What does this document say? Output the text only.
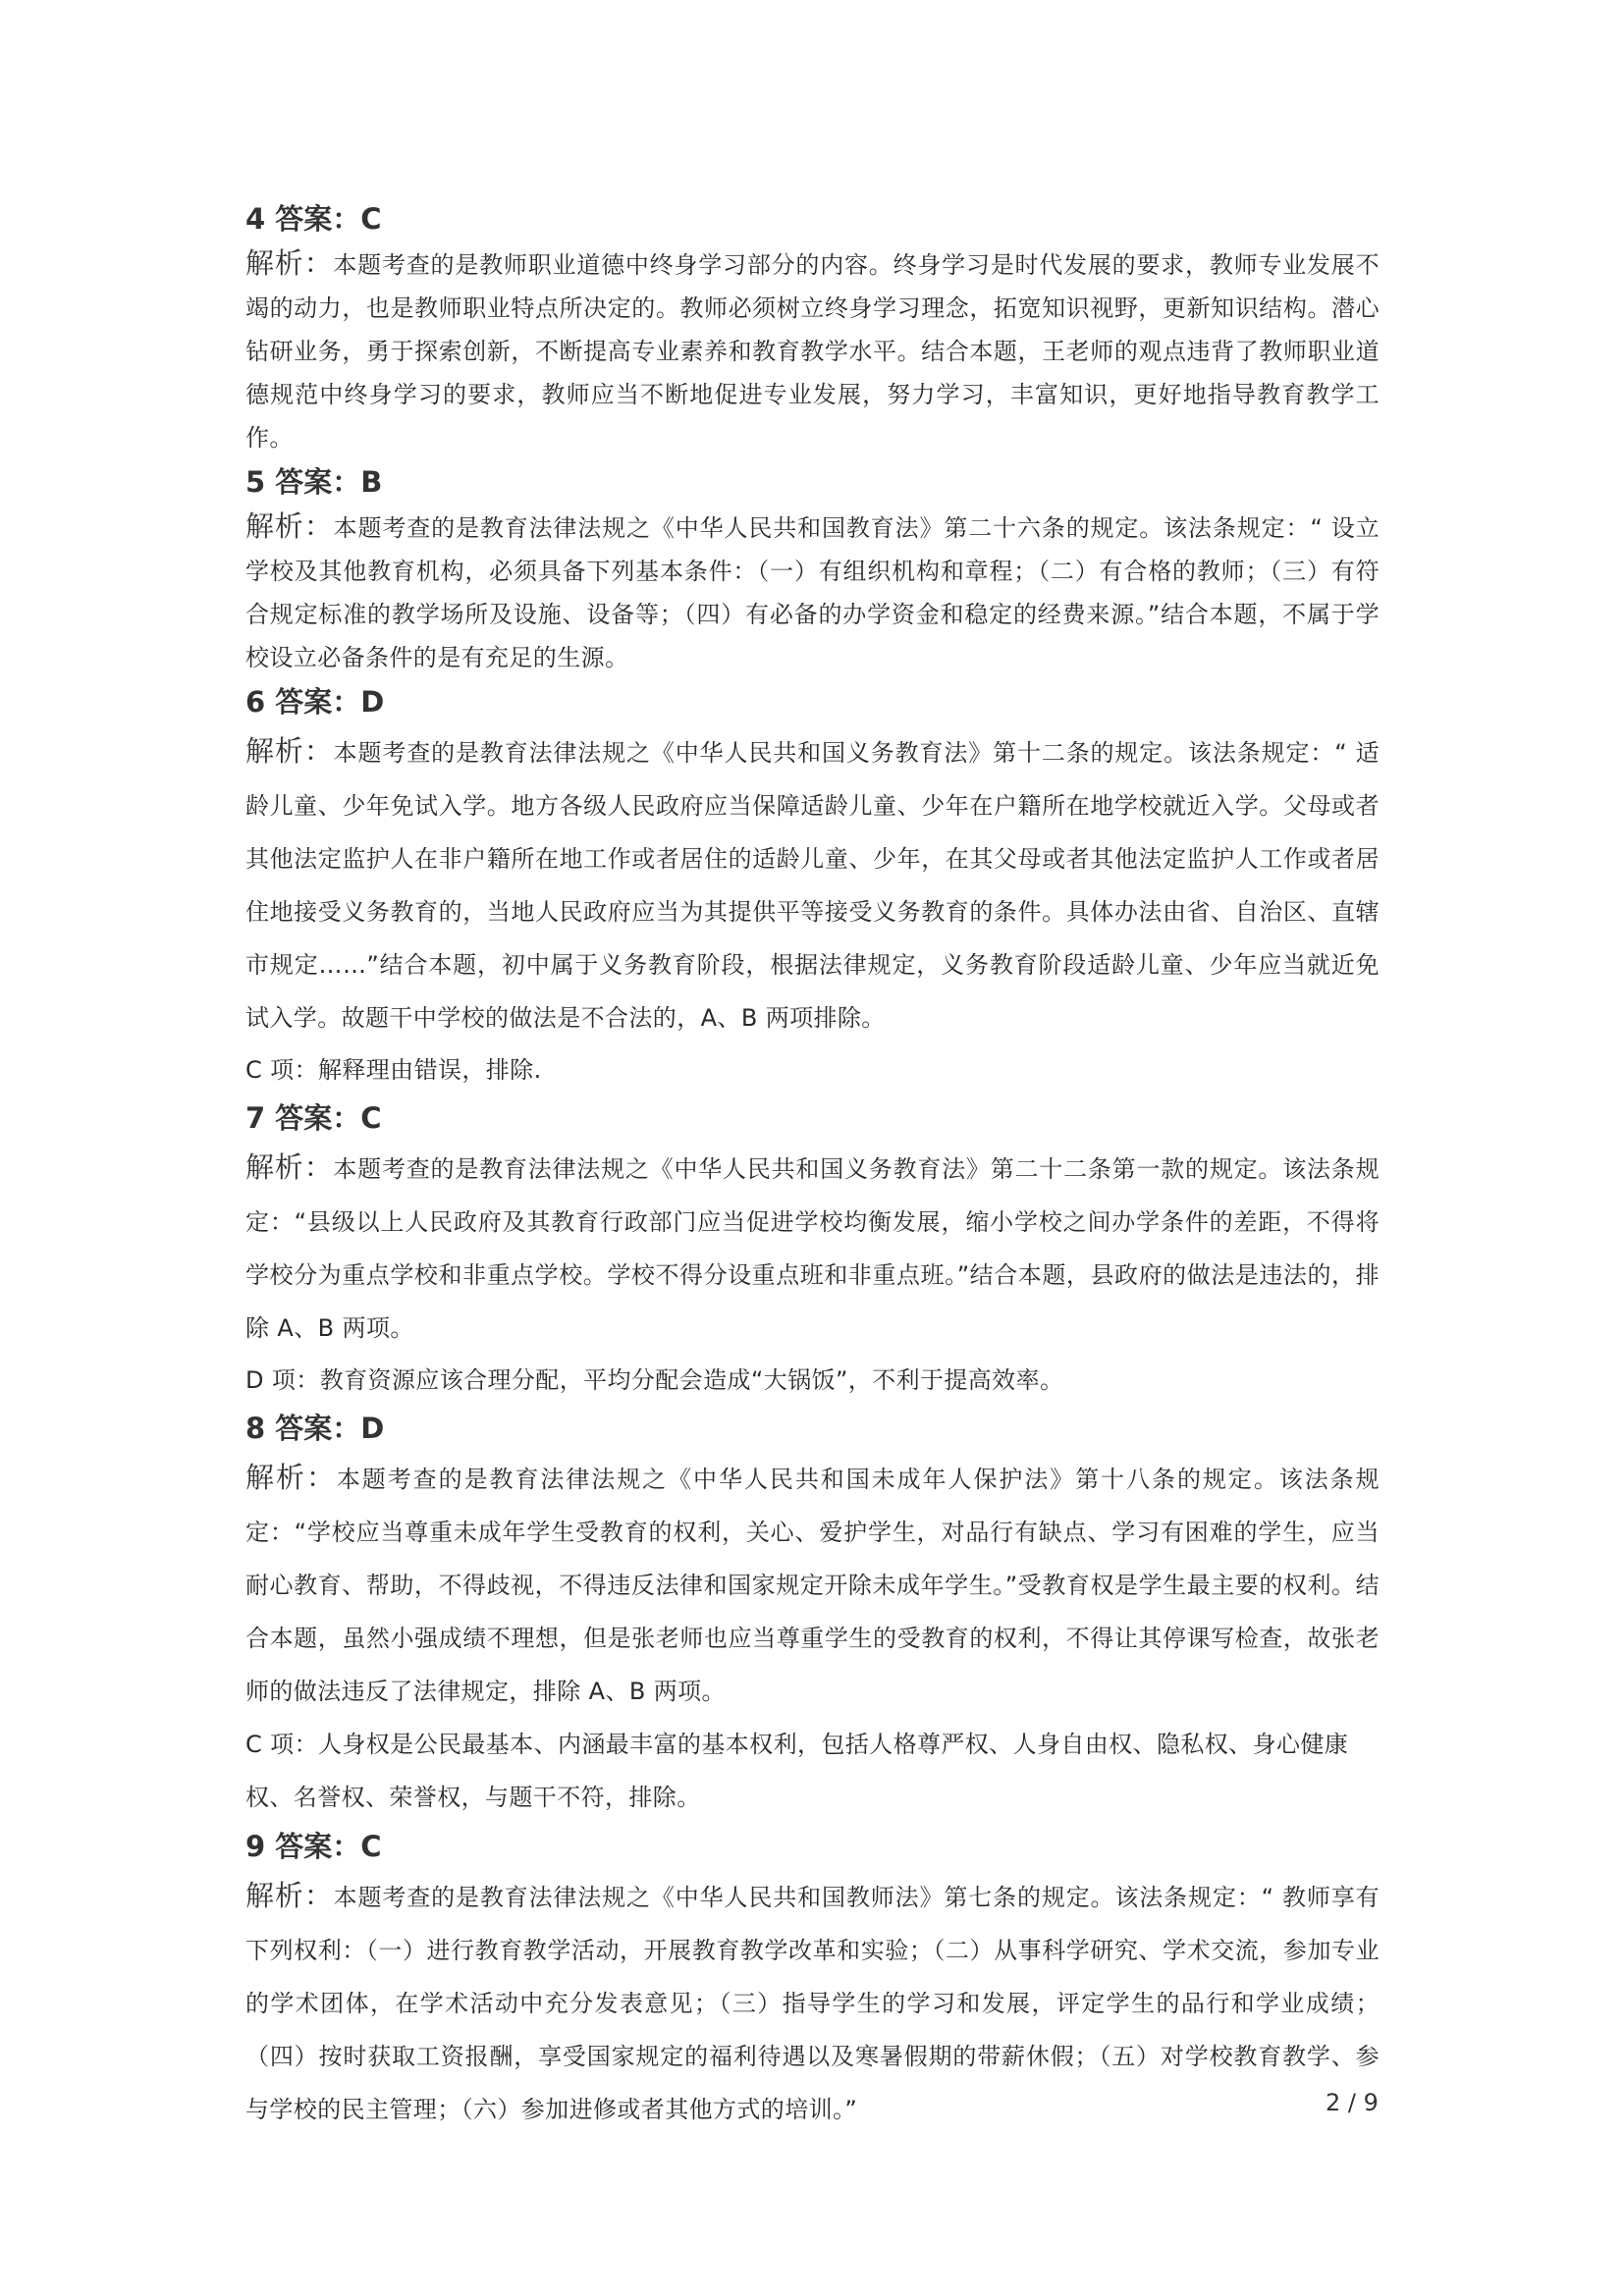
4 答案：C

解析：本题考查的是教师职业道德中终身学习部分的内容。终身学习是时代发展的要求，教师专业发展不竭的动力，也是教师职业特点所决定的。教师必须树立终身学习理念，拓宽知识视野，更新知识结构。潜心钻研业务，勇于探索创新，不断提高专业素养和教育教学水平。结合本题，王老师的观点违背了教师职业道德规范中终身学习的要求，教师应当不断地促进专业发展，努力学习，丰富知识，更好地指导教育教学工作。

5 答案：B

解析：本题考查的是教育法律法规之《中华人民共和国教育法》第二十六条的规定。该法条规定：“ 设立学校及其他教育机构，必须具备下列基本条件：（一）有组织机构和章程；（二）有合格的教师；（三）有符合规定标准的教学场所及设施、设备等；（四）有必备的办学资金和稳定的经费来源。”结合本题，不属于学校设立必备条件的是有充足的生源。

6 答案：D

解析：本题考查的是教育法律法规之《中华人民共和国义务教育法》第十二条的规定。该法条规定：“ 适龄儿童、少年免试入学。地方各级人民政府应当保障适龄儿童、少年在户籍所在地学校就近入学。父母或者其他法定监护人在非户籍所在地工作或者居住的适龄儿童、少年，在其父母或者其他法定监护人工作或者居住地接受义务教育的，当地人民政府应当为其提供平等接受义务教育的条件。具体办法由省、自治区、直辖市规定……”结合本题，初中属于义务教育阶段，根据法律规定，义务教育阶段适龄儿童、少年应当就近免试入学。故题干中学校的做法是不合法的，A、B 两项排除。

C 项：解释理由错误，排除.

7 答案：C

解析：本题考查的是教育法律法规之《中华人民共和国义务教育法》第二十二条第一款的规定。该法条规定：“县级以上人民政府及其教育行政部门应当促进学校均衡发展，缩小学校之间办学条件的差距，不得将学校分为重点学校和非重点学校。学校不得分设重点班和非重点班。”结合本题，县政府的做法是违法的，排除 A、B 两项。

D 项：教育资源应该合理分配，平均分配会造成“大锅饭”，不利于提高效率。

8 答案：D

解析：本题考查的是教育法律法规之《中华人民共和国未成年人保护法》第十八条的规定。该法条规定：“学校应当尊重未成年学生受教育的权利，关心、爱护学生，对品行有缺点、学习有困难的学生，应当耐心教育、帮助，不得歧视，不得违反法律和国家规定开除未成年学生。”受教育权是学生最主要的权利。结合本题，虽然小强成绩不理想，但是张老师也应当尊重学生的受教育的权利，不得让其停课写检查，故张老师的做法违反了法律规定，排除 A、B 两项。

C 项：人身权是公民最基本、内涵最丰富的基本权利，包括人格尊严权、人身自由权、隐私权、身心健康权、名誉权、荣誉权，与题干不符，排除。

9 答案：C

解析：本题考查的是教育法律法规之《中华人民共和国教师法》第七条的规定。该法条规定：“ 教师享有下列权利：（一）进行教育教学活动，开展教育教学改革和实验；（二）从事科学研究、学术交流，参加专业的学术团体，在学术活动中充分发表意见；（三）指导学生的学习和发展，评定学生的品行和学业成绩；（四）按时获取工资报酬，享受国家规定的福利待遇以及寒暑假期的带薪休假；（五）对学校教育教学、参与学校的民主管理；（六）参加进修或者其他方式的培训。”	2 / 9
